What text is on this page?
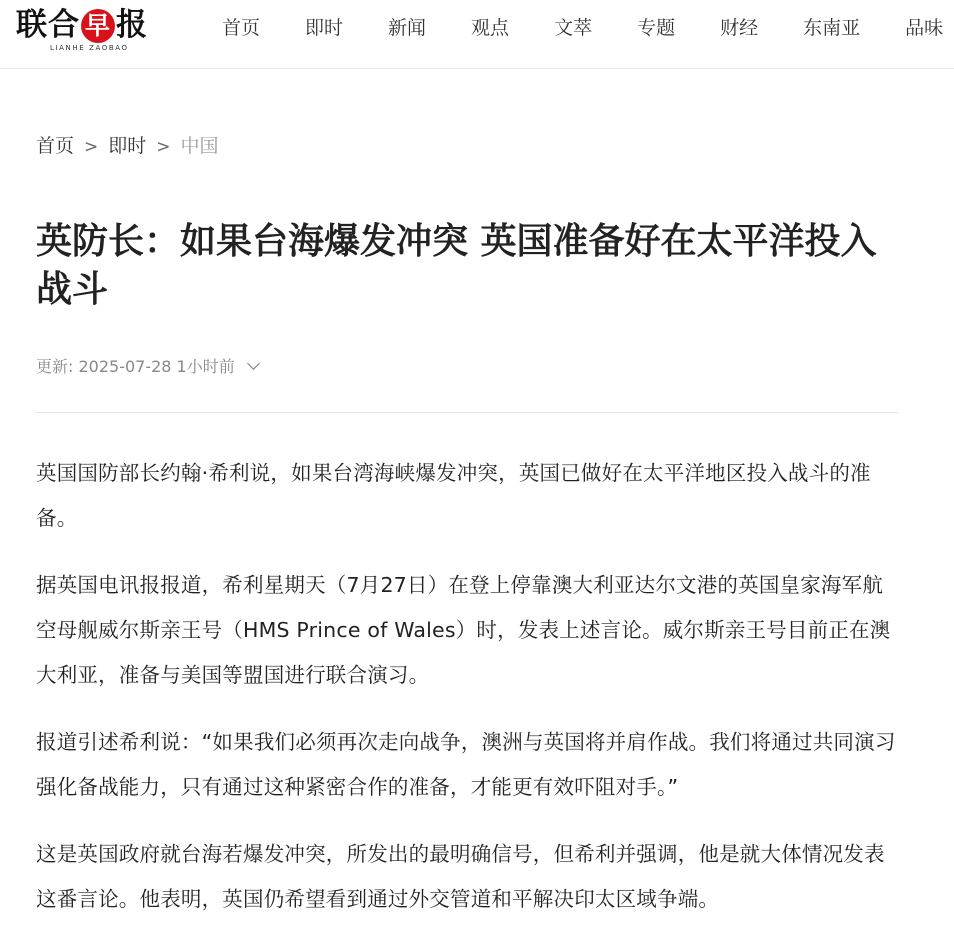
联合 早 报
LIANHE ZAOBAO
首页 即时 新闻 观点 文萃 专题 财经 东南亚 品味
首页 > 即时 > 中国
英防长：如果台海爆发冲突 英国准备好在太平洋投入战斗
更新: 2025-07-28 1小时前

英国国防部长约翰·希利说，如果台湾海峡爆发冲突，英国已做好在太平洋地区投入战斗的准备。

据英国电讯报报道，希利星期天（7月27日）在登上停靠澳大利亚达尔文港的英国皇家海军航空母舰威尔斯亲王号（HMS Prince of Wales）时，发表上述言论。威尔斯亲王号目前正在澳大利亚，准备与美国等盟国进行联合演习。

报道引述希利说：“如果我们必须再次走向战争，澳洲与英国将并肩作战。我们将通过共同演习强化备战能力，只有通过这种紧密合作的准备，才能更有效吓阻对手。”

这是英国政府就台海若爆发冲突，所发出的最明确信号，但希利并强调，他是就大体情况发表这番言论。他表明，英国仍希望看到通过外交管道和平解决印太区域争端。
